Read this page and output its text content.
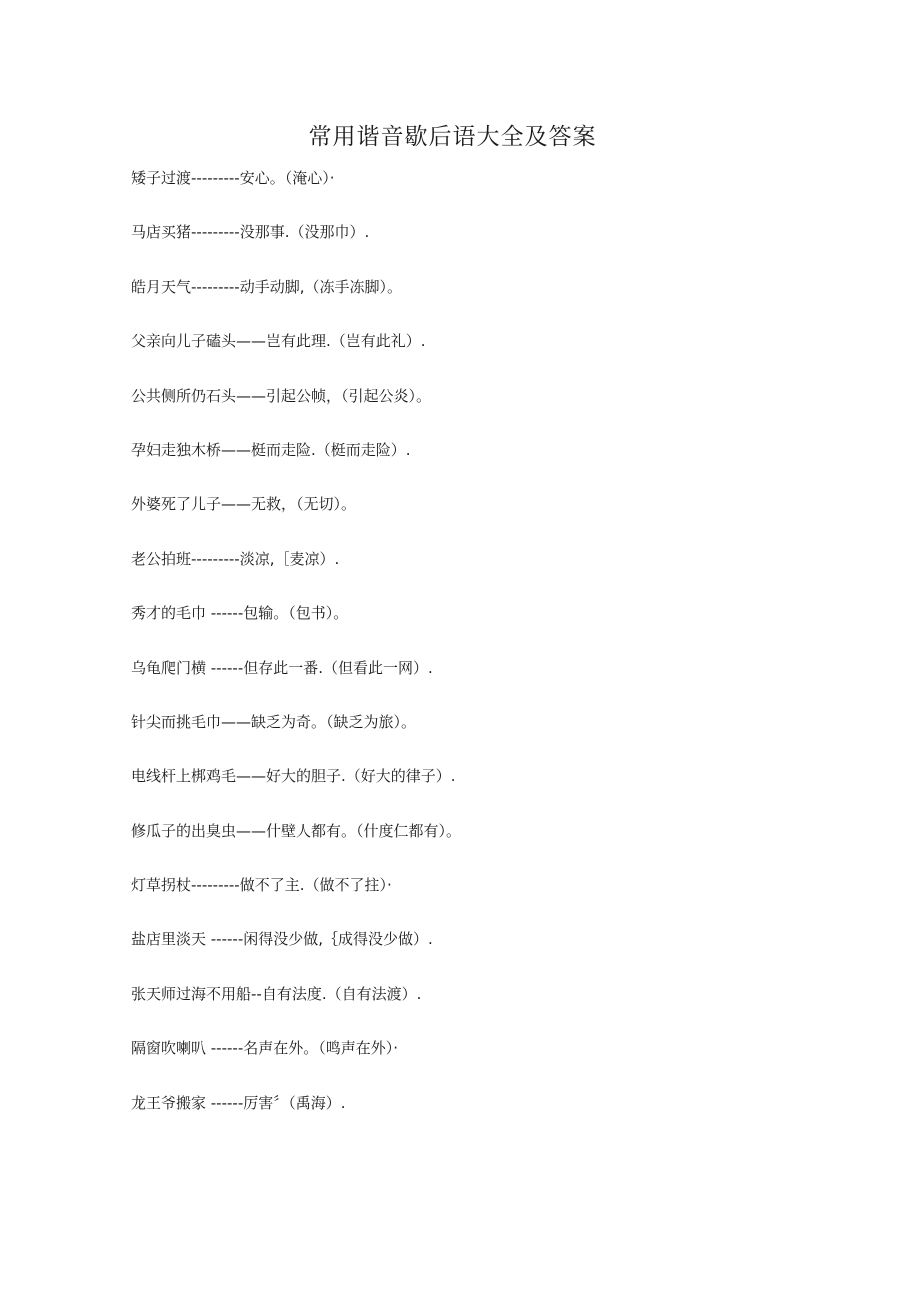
常用谐音歇后语大全及答案
矮子过渡---------安心。（淹心）·
马店买猪---------没那事.（没那巾）.
皓月天气---------动手动脚,（冻手冻脚）。
父亲向儿子磕头——岂有此理.（岂有此礼）.
公共侧所仍石头——引起公帧，（引起公炎）。
孕妇走独木桥——梃而走险.（梃而走险）.
外婆死了儿子——无救，（无切）。
老公拍班---------淡凉,［麦凉）.
秀才的毛巾 ------包输。（包书）。
乌龟爬门横 ------但存此一番.（但看此一网）.
针尖而挑毛巾——缺乏为奇。（缺乏为旅）。
电线杆上梆鸡毛——好大的胆子.（好大的律子）.
修瓜子的出臭虫——什壁人都有。（什度仁都有）。
灯草拐杖---------做不了主.（做不了拄）·
盐店里淡天 ------闲得没少做,｛成得没少做）.
张天师过海不用船--自有法度.（自有法渡）.
隔窗吹喇叭 ------名声在外。（鸣声在外）·
龙王爷搬家 ------厉害〞（禹海）.
